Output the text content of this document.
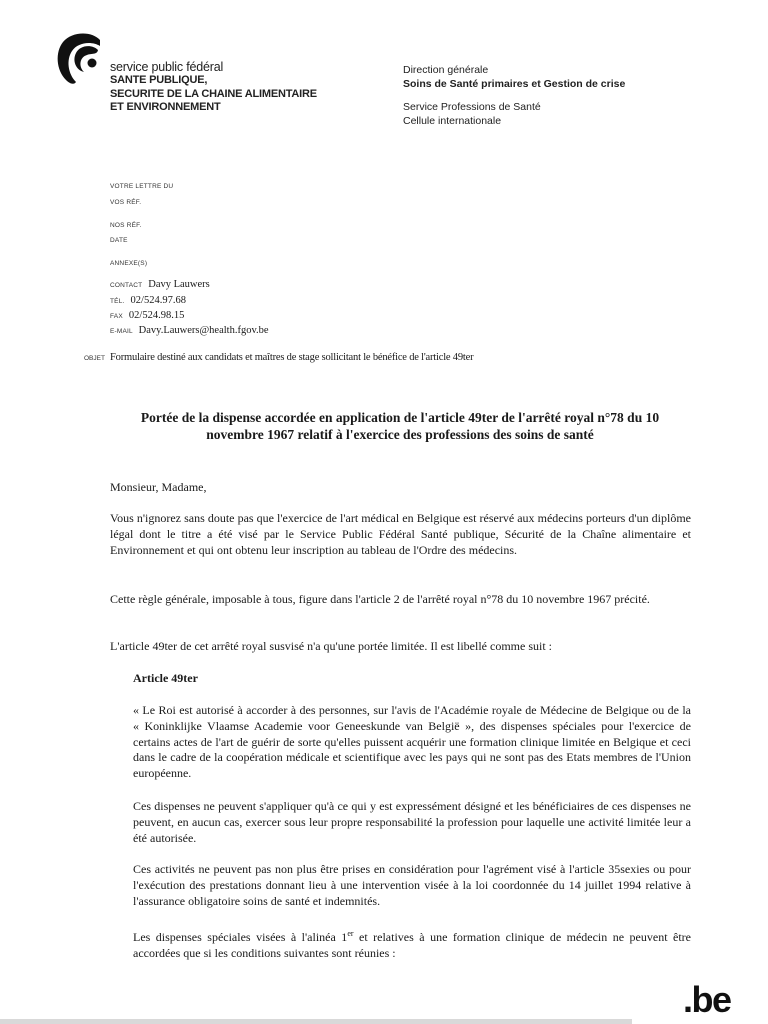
service public fédéral
SANTE PUBLIQUE,
SECURITE DE LA CHAINE ALIMENTAIRE
ET ENVIRONNEMENT
Direction générale
Soins de Santé primaires et Gestion de crise
Service Professions de Santé
Cellule internationale
VOTRE LETTRE DU
VOS RÉF.
NOS RÉF.
DATE
ANNEXE(S)
CONTACT Davy Lauwers
TÉL. 02/524.97.68
FAX 02/524.98.15
E-MAIL Davy.Lauwers@health.fgov.be
OBJET Formulaire destiné aux candidats et maîtres de stage sollicitant le bénéfice de l'article 49ter
Portée de la dispense accordée en application de l'article 49ter de l'arrêté royal n°78 du 10
novembre 1967 relatif à l'exercice des professions des soins de santé
Monsieur, Madame,
Vous n'ignorez sans doute pas que l'exercice de l'art médical en Belgique est réservé aux médecins porteurs d'un diplôme légal dont le titre a été visé par le Service Public Fédéral Santé publique, Sécurité de la Chaîne alimentaire et Environnement et qui ont obtenu leur inscription au tableau de l'Ordre des médecins.
Cette règle générale, imposable à tous, figure dans l'article 2 de l'arrêté royal n°78 du 10 novembre 1967 précité.
L'article 49ter de cet arrêté royal susvisé n'a qu'une portée limitée. Il est libellé comme suit :
Article 49ter
« Le Roi est autorisé à accorder à des personnes, sur l'avis de l'Académie royale de Médecine de Belgique ou de la « Koninklijke Vlaamse Academie voor Geneeskunde van België », des dispenses spéciales pour l'exercice de certains actes de l'art de guérir de sorte qu'elles puissent acquérir une formation clinique limitée en Belgique et ceci dans le cadre de la coopération médicale et scientifique avec les pays qui ne sont pas des Etats membres de l'Union européenne.
Ces dispenses ne peuvent s'appliquer qu'à ce qui y est expressément désigné et les bénéficiaires de ces dispenses ne peuvent, en aucun cas, exercer sous leur propre responsabilité la profession pour laquelle une activité limitée leur a été autorisée.
Ces activités ne peuvent pas non plus être prises en considération pour l'agrément visé à l'article 35sexies ou pour l'exécution des prestations donnant lieu à une intervention visée à la loi coordonnée du 14 juillet 1994 relative à l'assurance obligatoire soins de santé et indemnités.
Les dispenses spéciales visées à l'alinéa 1er et relatives à une formation clinique de médecin ne peuvent être accordées que si les conditions suivantes sont réunies :
.be
